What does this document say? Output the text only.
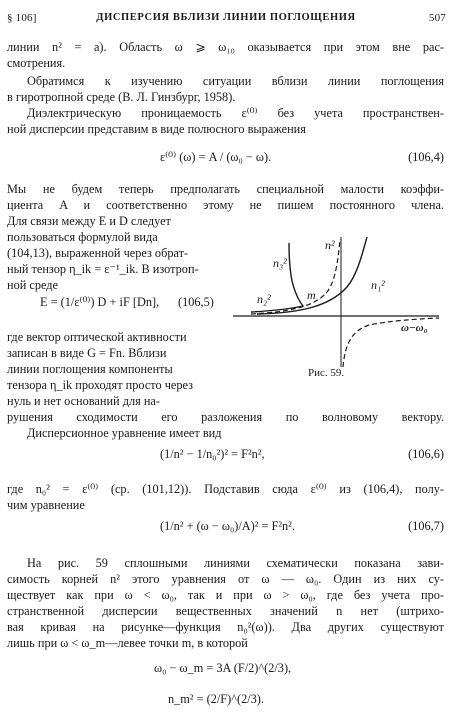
§ 106]	ДИСПЕРСИЯ ВБЛИЗИ ЛИНИИ ПОГЛОЩЕНИЯ	507
линии n² = a). Область ω ⩾ ω₁₀ оказывается при этом вне рас-
смотрения.
Обратимся к изучению ситуации вблизи линии поглощения
в гиротропной среде (В. Л. Гинзбург, 1958).
Диэлектрическую проницаемость ε⁽⁰⁾ без учета пространствен-
ной дисперсии представим в виде полюсного выражения
ε⁽⁰⁾ (ω) = A / (ω₀ − ω).	(106,4)
Мы не будем теперь предполагать специальной малости коэффи-
циента A и соответственно этому не пишем постоянного члена.
Для связи между E и D следует
пользоваться формулой вида
(104,13), выраженной через обрат-
ный тензор η_ik = ε⁻¹_ik. В изотроп-
ной среде
E = (1/ε⁽⁰⁾) D + iF [Dn], (106,5)
где вектор оптической активности
записан в виде G = Fn. Вблизи
линии поглощения компоненты
тензора η_ik проходят просто через
нуль и нет оснований для на-
рушения сходимости его разложения по волновому вектору.
Дисперсионное уравнение имеет вид
(1/n² − 1/n₀²)² = F²n²,	(106,6)
где n₀² = ε⁽⁰⁾ (ср. (101,12)). Подставив сюда ε⁽⁰⁾ из (106,4), полу-
чим уравнение
(1/n² + (ω − ω₀)/A)² = F²n².	(106,7)
На рис. 59 сплошными линиями схематически показана зави-
симость корней n² этого уравнения от ω — ω₀. Один из них су-
ществует как при ω < ω₀, так и при ω > ω₀, где без учета про-
странственной дисперсии вещественных значений n нет (штрихо-
вая кривая на рисунке—функция n₀²(ω)). Два других существуют
лишь при ω < ω_m—левее точки m, в которой
ω₀ − ω_m = 3A (F/2)^(2/3),
n_m² = (2/F)^(2/3).
n²
n₃²
n₁²
n₂²	m
ω−ω₀
Рис. 59.
